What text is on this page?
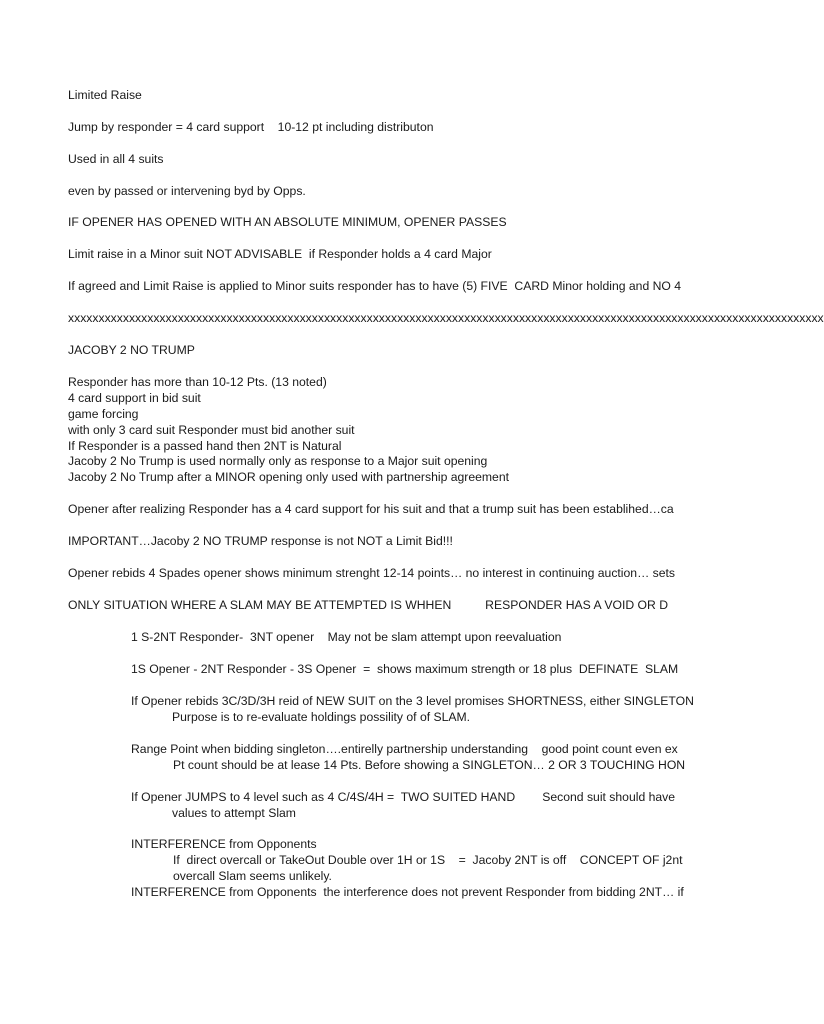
Limited Raise
Jump by responder = 4 card support    10-12 pt including distributon
Used in all 4 suits
even by passed or intervening byd by Opps.
IF OPENER HAS OPENED WITH AN ABSOLUTE MINIMUM, OPENER PASSES
Limit raise in a Minor suit NOT ADVISABLE  if Responder holds a 4 card Major
If agreed and Limit Raise is applied to Minor suits responder has to have (5) FIVE  CARD Minor holding and NO 4
xxxxxxxxxxxxxxxxxxxxxxxxxxxxxxxxxxxxxxxxxxxxxxxxxxxxxxxxxxxxxxxxxxxxxxxxxxxxxxxxxxxxxxxxxxxxxxxxxxxxxxxxxxxxxxxxxxxxxxxxxxxx
JACOBY 2 NO TRUMP
Responder has more than 10-12 Pts. (13 noted)
4 card support in bid suit
game forcing
with only 3 card suit Responder must bid another suit
If Responder is a passed hand then 2NT is Natural
Jacoby 2 No Trump is used normally only as response to a Major suit opening
Jacoby 2 No Trump after a MINOR opening only used with partnership agreement
Opener after realizing Responder has a 4 card support for his suit and that a trump suit has been establihed…ca
IMPORTANT…Jacoby 2 NO TRUMP response is not NOT a Limit Bid!!!
Opener rebids 4 Spades opener shows minimum strenght 12-14 points… no interest in continuing auction… sets
ONLY SITUATION WHERE A SLAM MAY BE ATTEMPTED IS WHHEN          RESPONDER HAS A VOID OR D
1 S-2NT Responder-  3NT opener    May not be slam attempt upon reevaluation
1S Opener - 2NT Responder - 3S Opener  =  shows maximum strength or 18 plus  DEFINATE  SLAM
If Opener rebids 3C/3D/3H reid of NEW SUIT on the 3 level promises SHORTNESS, either SINGLETON
Purpose is to re-evaluate holdings possility of of SLAM.
Range Point when bidding singleton….entirelly partnership understanding    good point count even ex
Pt count should be at lease 14 Pts. Before showing a SINGLETON… 2 OR 3 TOUCHING HON
If Opener JUMPS to 4 level such as 4 C/4S/4H =  TWO SUITED HAND        Second suit should have
values to attempt Slam
INTERFERENCE from Opponents
If  direct overcall or TakeOut Double over 1H or 1S    =  Jacoby 2NT is off    CONCEPT OF j2nt
overcall Slam seems unlikely.
INTERFERENCE from Opponents  the interference does not prevent Responder from bidding 2NT… if
